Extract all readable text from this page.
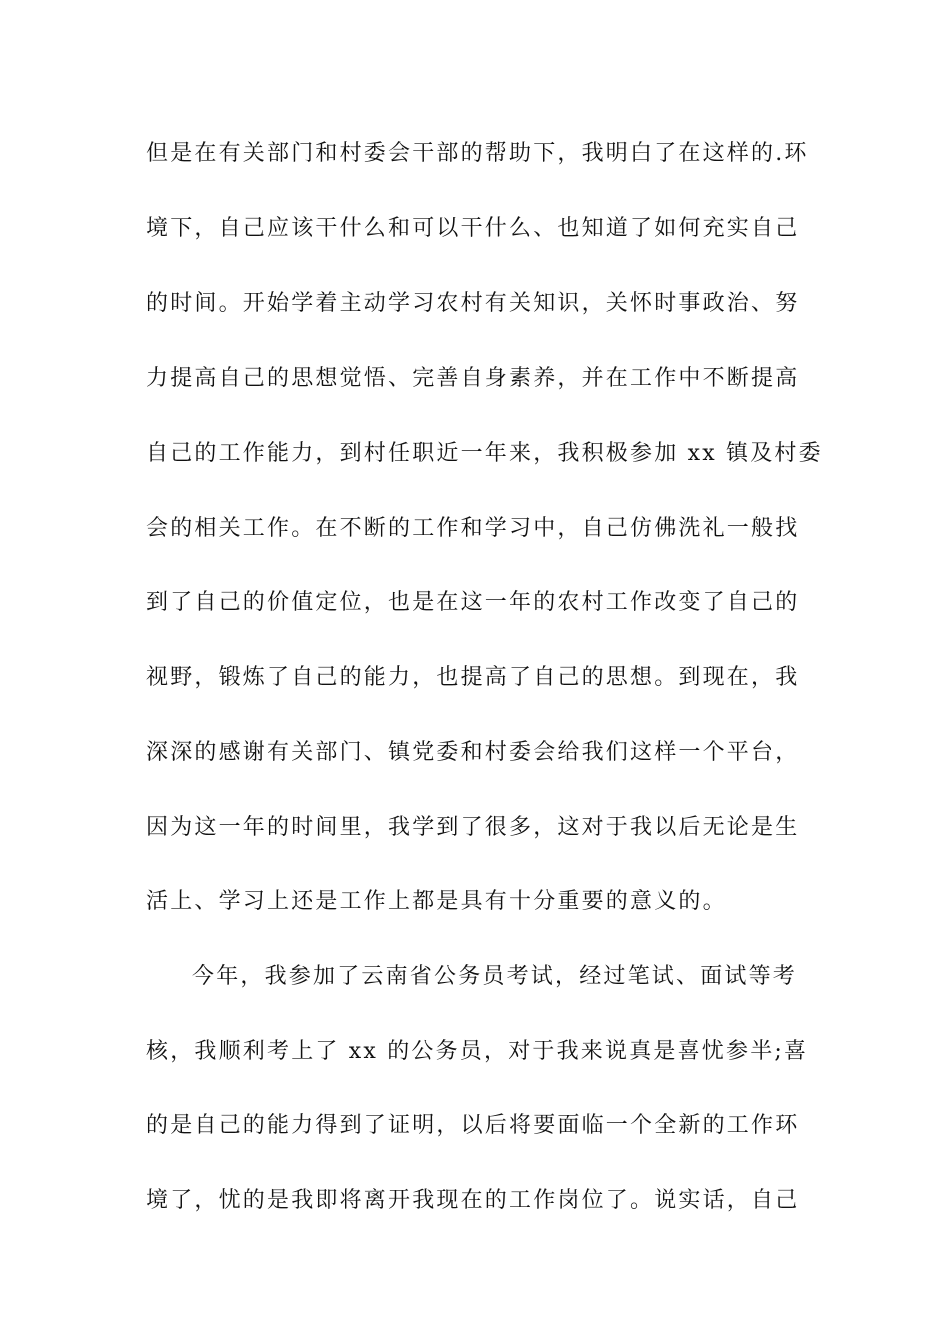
但是在有关部门和村委会干部的帮助下，我明白了在这样的.环
境下，自己应该干什么和可以干什么、也知道了如何充实自己
的时间。开始学着主动学习农村有关知识，关怀时事政治、努
力提高自己的思想觉悟、完善自身素养，并在工作中不断提高
自己的工作能力，到村任职近一年来，我积极参加 xx 镇及村委
会的相关工作。在不断的工作和学习中，自己仿佛洗礼一般找
到了自己的价值定位，也是在这一年的农村工作改变了自己的
视野，锻炼了自己的能力，也提高了自己的思想。到现在，我
深深的感谢有关部门、镇党委和村委会给我们这样一个平台，
因为这一年的时间里，我学到了很多，这对于我以后无论是生
活上、学习上还是工作上都是具有十分重要的意义的。
今年，我参加了云南省公务员考试，经过笔试、面试等考
核，我顺利考上了 xx 的公务员，对于我来说真是喜忧参半;喜
的是自己的能力得到了证明，以后将要面临一个全新的工作环
境了，忧的是我即将离开我现在的工作岗位了。说实话，自己
